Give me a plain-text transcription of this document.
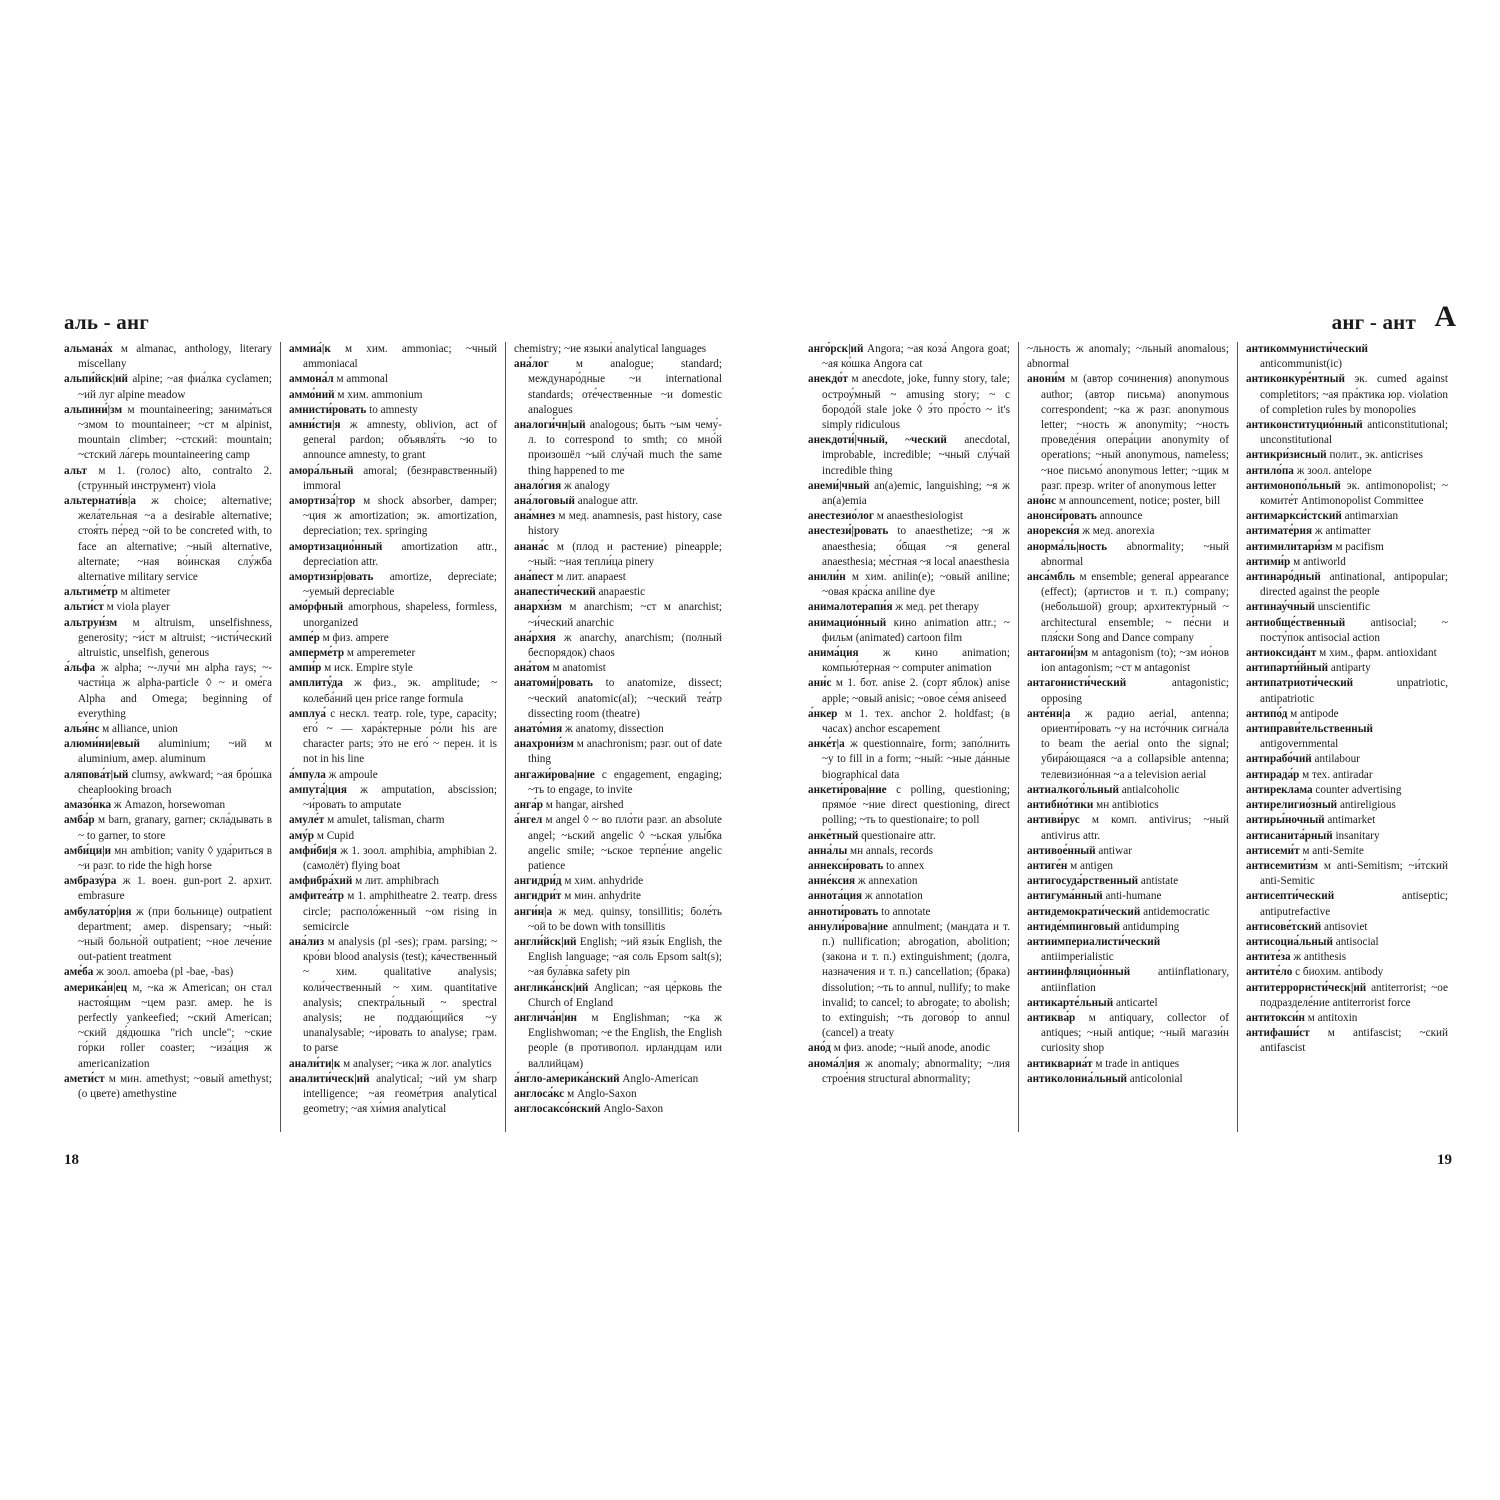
аль - анг

альмана́х м almanac, anthology, literary miscellany

альпи́йск|ий alpine; ~ая фиа́лка cyclamen; ~ий луг alpine meadow

альпини́|зм м mountaineering; занима́ться ~змом to mountaineer; ~ст м alpinist, mountain climber; ~стский: mountain; ~стский ла́герь mountaineering camp

альт м 1. (голос) alto, contralto 2. (струнный инструмент) viola

альтернати́в|а ж choice; alternative; жела́тельная ~а a desirable alternative; стоя́ть пе́ред ~ой to be concreted with, to face an alternative; ~ный alternative, alternate; ~ная во́инская слу́жба alternative military service

альтиме́тр м altimeter

альти́ст м viola player

альтруи́зм м altruism, unselfishness, generosity; ~и́ст м altruist; ~исти́ческий altruistic, unselfish, generous

а́льфа ж alpha; ~-лучи́ мн alpha rays; ~-части́ца ж alpha-particle ◊ ~ и оме́га Alpha and Omega; beginning of everything

алья́нс м alliance, union

алюми́ни|евый aluminium; ~ий м aluminium, амер. aluminum

аляпова́т|ый clumsy, awkward; ~ая бро́шка cheaplooking broach

амазо́нка ж Amazon, horsewoman

амба́р м barn, granary, garner; скла́дывать в ~ to garner, to store

амби́ци|и мн ambition; vanity ◊ уда́риться в ~и разг. to ride the high horse

амбразу́ра ж 1. воен. gun-port 2. архит. embrasure

амбулато́р|ия ж (при больнице) outpatient department; амер. dispensary; ~ный: ~ный больно́й outpatient; ~ное лече́ние out-patient treatment

аме́ба ж зоол. amoeba (pl -bae, -bas)

америка́н|ец м, ~ка ж American; он стал настоя́щим ~цем разг. амер. he is perfectly yankeefied; ~ский American; ~ский дя́дюшка "rich uncle"; ~ские го́рки roller coaster; ~иза́ция ж americanization

амети́ст м мин. amethyst; ~овый amethyst; (о цвете) amethystine

аммиа́|к м хим. ammoniac; ~чный ammoniacal

аммона́л м ammonal

аммо́ний м хим. ammonium

амнисти́ровать to amnesty

амни́сти|я ж amnesty, oblivion, act of general pardon; объявля́ть ~ю to announce amnesty, to grant

амора́льный amoral; (безнравственный) immoral

амортиза́|тор м shock absorber, damper; ~ция ж amortization; эк. amortization, depreciation; тех. springing

амортизацио́нный amortization attr., depreciation attr.

амортизи́р|овать amortize, depreciate; ~уемый depreciable

амо́рфный amorphous, shapeless, formless, unorganized

ампе́р м физ. ampere

амперме́тр м amperemeter

ампи́р м иск. Empire style

амплиту́да ж физ., эк. amplitude; ~ колеба́ний цен price range formula

амплуа́ с нескл. театр. role, type, capacity; его́ ~ — хара́ктерные ро́ли his are character parts; э́то не его́ ~ перен. it is not in his line

а́мпула ж ampoule

ампута́|ция ж amputation, abscission; ~и́ровать to amputate

амуле́т м amulet, talisman, charm

аму́р м Cupid

амфи́би|я ж 1. зоол. amphibia, amphibian 2. (самолёт) flying boat

амфибра́хий м лит. amphibrach

амфитеа́тр м 1. amphitheatre 2. театр. dress circle; располо́женный ~ом rising in semicircle

ана́лиз м analysis (pl -ses); грам. parsing; ~ кро́ви blood analysis (test); ка́чественный ~ хим. qualitative analysis; коли́чественный ~ хим. quantitative analysis; спектра́льный ~ spectral analysis; не поддаю́щийся ~у unanalysable; ~и́ровать to analyse; грам. to parse

анали́ти|к м analyser; ~ика ж лог. analytics

аналити́ческ|ий analytical; ~ий ум sharp intelligence; ~ая геоме́трия analytical geometry; ~ая хи́мия analytical

chemistry; ~ие языки́ analytical languages

ана́лог м analogue; standard; междунаро́дные ~и international standards; оте́чественные ~и domestic analogues

аналоги́чн|ый analogous; быть ~ым чему́-л. to correspond to smth; со мно́й произошёл ~ый слу́чай much the same thing happened to me

анало́гия ж analogy

ана́логовый analogue attr.

ана́мнез м мед. anamnesis, past history, case history

анана́с м (плод и растение) pineapple; ~ный: ~ная тепли́ца pinery

ана́пест м лит. anapaest

анапести́ческий anapaestic

анархи́зм м anarchism; ~ст м anarchist; ~и́ческий anarchic

ана́рхия ж anarchy, anarchism; (полный беспорядок) chaos

ана́том м anatomist

анатоми́|ровать to anatomize, dissect; ~ческий anatomic(al); ~ческий теа́тр dissecting room (theatre)

анато́мия ж anatomy, dissection

анахрони́зм м anachronism; разг. out of date thing

ангажи́рова|ние с engagement, engaging; ~ть to engage, to invite

анга́р м hangar, airshed

а́нгел м angel ◊ ~ во пло́ти разг. an absolute angel; ~ьский angelic ◊ ~ьская улы́бка angelic smile; ~ьское терпе́ние angelic patience

ангидри́д м хим. anhydride

ангидри́т м мин. anhydrite

анги́н|а ж мед. quinsy, tonsillitis; боле́ть ~ой to be down with tonsillitis

англи́йск|ий English; ~ий язы́к English, the English language; ~ая соль Epsom salt(s); ~ая була́вка safety pin

англика́нск|ий Anglican; ~ая це́рковь the Church of England

англича́н|ин м Englishman; ~ка ж Englishwoman; ~е the English, the English people (в противопол. ирландцам или валлийцам)

а́нгло-америка́нский Anglo-American

англоса́кс м Anglo-Saxon

англосаксо́нский Anglo-Saxon

18
анг - ант А

анго́рск|ий Angora; ~ая коза́ Angora goat; ~ая ко́шка Angora cat

анекдо́т м anecdote, joke, funny story, tale; остроу́мный ~ amusing story; ~ с бородо́й stale joke ◊ э́то про́сто ~ it's simply ridiculous

анекдоти́|чный, ~ческий anecdotal, improbable, incredible; ~чный слу́чай incredible thing

анеми́|чный an(a)emic, languishing; ~я ж an(a)emia

анестезио́лог м anaesthesiologist

анестези́|ровать to anaesthetize; ~я ж anaesthesia; о́бщая ~я general anaesthesia; ме́стная ~я local anaesthesia

анили́н м хим. anilin(e); ~овый aniline; ~овая кра́ска aniline dye

анималотерапи́я ж мед. pet therapy

анимацио́нный кино animation attr.; ~ фильм (animated) cartoon film

анима́ция ж кино animation; компью́терная ~ computer animation

ани́с м 1. бот. anise 2. (сорт яблок) anise apple; ~овый anisic; ~овое се́мя aniseed

а́нкер м 1. тех. anchor 2. holdfast; (в часах) anchor escapement

анке́т|а ж questionnaire, form; запо́лнить ~у to fill in a form; ~ный: ~ные да́нные biographical data

анкети́рова|ние с polling, questioning; прямо́е ~ние direct questioning, direct polling; ~ть to questionaire; to poll

анке́тный questionaire attr.

анна́лы мн annals, records

аннекси́ровать to annex

анне́ксия ж annexation

аннота́ция ж annotation

аннoти́ровать to annotate

аннули́рова|ние annulment; (мандата и т. п.) nullification; abrogation, abolition; (закона и т. п.) extinguishment; (долга, назначения и т. п.) cancellation; (брака) dissolution; ~ть to annul, nullify; to make invalid; to cancel; to abrogate; to abolish; to extinguish; ~ть догово́р to annul (cancel) a treaty

ано́д м физ. anode; ~ный anode, anodic

анома́л|ия ж anomaly; abnormality; ~лия строе́ния structural abnormality;

~льность ж anomaly; ~льный anomalous; abnormal

анони́м м (автор сочинения) anonymous author; (автор письма) anonymous correspondent; ~ка ж разг. anonymous letter; ~ность ж anonymity; ~ность проведе́ния опера́ции anonymity of operations; ~ный anonymous, nameless; ~ное письмо́ anonymous letter; ~щик м разг. презр. writer of anonymous letter

ано́нс м announcement, notice; poster, bill

анонси́ровать announce

анорекси́я ж мед. anorexia

анорма́ль|ность abnormality; ~ный abnormal

анса́мбль м ensemble; general appearance (effect); (артистов и т. п.) company; (небольшой) group; архитекту́рный ~ architectural ensemble; ~ пе́сни и пля́ски Song and Dance company

антагони́|зм м antagonism (to); ~зм ио́нов ion antagonism; ~ст м antagonist

антагонисти́ческий antagonistic; opposing

анте́нн|а ж радио aerial, antenna; ориенти́ровать ~у на исто́чник сигна́ла to beam the aerial onto the signal; убира́ющаяся ~а a collapsible antenna; телевизио́нная ~а a television aerial

антиалкого́льный antialcoholic

антибио́тики мн antibiotics

антиви́рус м комп. antivirus; ~ный antivirus attr.

антивое́нный antiwar

антиге́н м antigen

антигосуда́рственный antistate

антигума́нный anti-humane

антидемократи́ческий antidemocratic

антиде́мпинговый antidumping

антиимпериалисти́ческий antiimperialistic

антиинфляцио́нный antiinflationary, antiinflation

антикарте́льный anticartel

антиква́р м antiquary, collector of antiques; ~ный antique; ~ный магази́н curiosity shop

антиквариа́т м trade in antiques

антиколониа́льный anticolonial

антикоммунисти́ческий anticommunist(ic)

антиконкуре́нтный эк. cumed against completitors; ~ая пра́ктика юр. violation of completion rules by monopolies

антиконституцио́нный anticonstitutional; unconstitutional

антикри́зисный полит., эк. anticrises

антило́па ж зоол. antelope

антимонопо́льный эк. antimonopolist; ~ комите́т Antimonopolist Committee

антимаркси́стский antimarxian

антимате́рия ж antimatter

антимилитари́зм м pacifism

антими́р м antiworld

антинаро́дный antinational, antipopular; directed against the people

антинау́чный unscientific

антиобще́ственный antisocial; ~ посту́пок antisocial action

антиоксида́нт м хим., фарм. antioxidant

антипарти́йный antiparty

антипатриоти́ческий unpatriotic, antipatriotic

антипо́д м antipode

антиправи́тельственный antigovernmental

антирабо́чий antilabour

антирада́р м тех. antiradar

антиреклама counter advertising

антирелигио́зный antireligious

антиры́ночный antimarket

антисанита́рный insanitary

антисеми́т м anti-Semite

антисемити́зм м anti-Semitism; ~и́тский anti-Semitic

антисепти́ческий antiseptic; antiputrefactive

антисове́тский antisoviet

антисоциа́льный antisocial

антите́за ж antithesis

антите́ло с биохим. antibody

антитеррористи́ческ|ий antiterrorist; ~ое подразделе́ние antiterrorist force

антитокси́н м antitoxin

антифаши́ст м antifascist; ~ский antifascist

19
